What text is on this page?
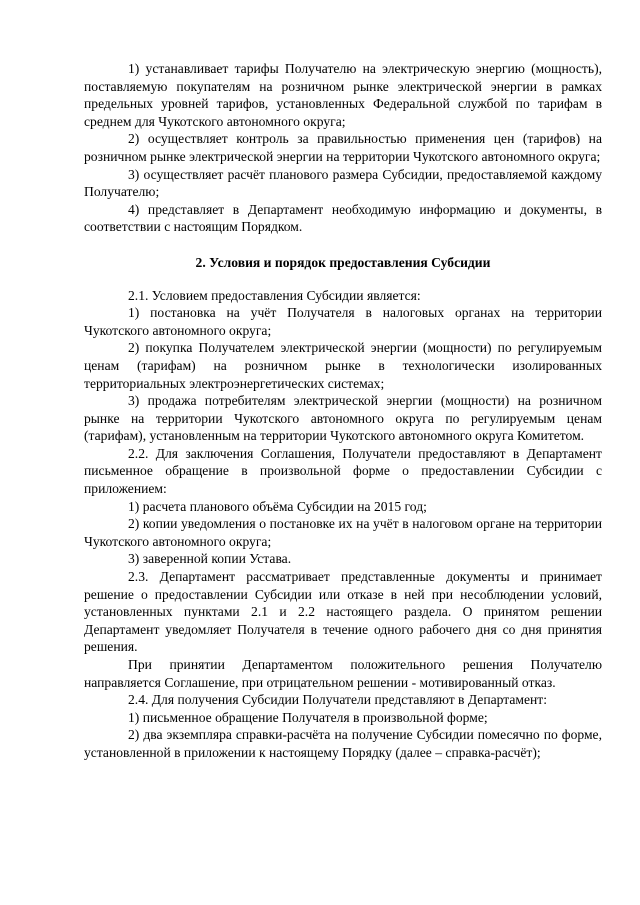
1) устанавливает тарифы Получателю на электрическую энергию (мощность), поставляемую покупателям на розничном рынке электрической энергии в рамках предельных уровней тарифов, установленных Федеральной службой по тарифам в среднем для Чукотского автономного округа;

2) осуществляет контроль за правильностью применения цен (тарифов) на розничном рынке электрической энергии на территории Чукотского автономного округа;

3) осуществляет расчёт планового размера Субсидии, предоставляемой каждому Получателю;

4) представляет в Департамент необходимую информацию и документы, в соответствии с настоящим Порядком.

2. Условия и порядок предоставления Субсидии

2.1. Условием предоставления Субсидии является:

1) постановка на учёт Получателя в налоговых органах на территории Чукотского автономного округа;

2) покупка Получателем электрической энергии (мощности) по регулируемым ценам (тарифам) на розничном рынке в технологически изолированных территориальных электроэнергетических системах;

3) продажа потребителям электрической энергии (мощности) на розничном рынке на территории Чукотского автономного округа по регулируемым ценам (тарифам), установленным на территории Чукотского автономного округа Комитетом.

2.2. Для заключения Соглашения, Получатели предоставляют в Департамент письменное обращение в произвольной форме о предоставлении Субсидии с приложением:

1) расчета планового объёма Субсидии на 2015 год;

2) копии уведомления о постановке их на учёт в налоговом органе на территории Чукотского автономного округа;

3) заверенной копии Устава.

2.3. Департамент рассматривает представленные документы и принимает решение о предоставлении Субсидии или отказе в ней при несоблюдении условий, установленных пунктами 2.1 и 2.2 настоящего раздела. О принятом решении Департамент уведомляет Получателя в течение одного рабочего дня со дня принятия решения.

При принятии Департаментом положительного решения Получателю направляется Соглашение, при отрицательном решении - мотивированный отказ.

2.4. Для получения Субсидии Получатели представляют в Департамент:

1) письменное обращение Получателя в произвольной форме;

2) два экземпляра справки-расчёта на получение Субсидии помесячно по форме, установленной в приложении к настоящему Порядку (далее – справка-расчёт);
